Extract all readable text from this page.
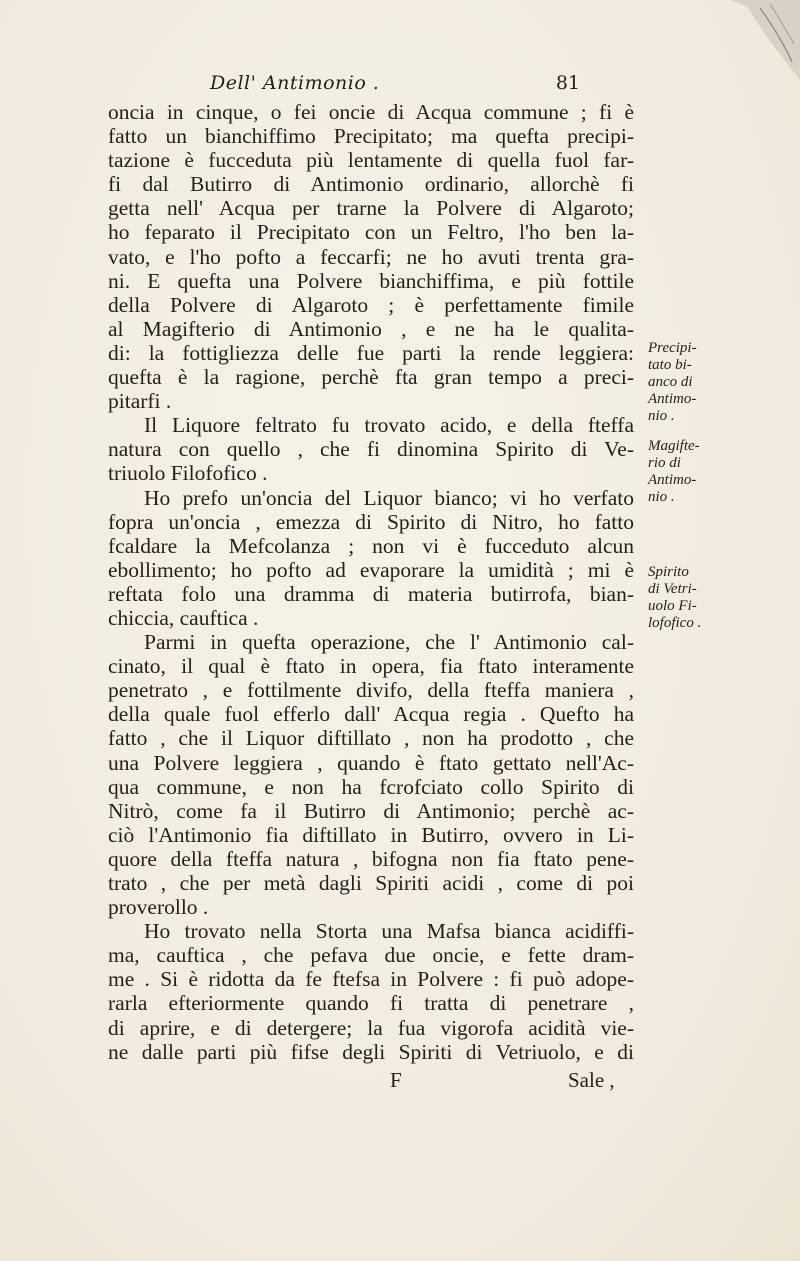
Dell' Antimonio .	81
oncia in cinque, o fei oncie di Acqua commune ; fi è
fatto un bianchiffimo Precipitato; ma quefta precipi-
tazione è fucceduta più lentamente di quella fuol far-
fi dal Butirro di Antimonio ordinario, allorchè fi
getta nell' Acqua per trarne la Polvere di Algaroto;
ho feparato il Precipitato con un Feltro, l'ho ben la-
vato, e l'ho pofto a feccarfi; ne ho avuti trenta gra-
ni. E quefta una Polvere bianchiffima, e più fottile
della Polvere di Algaroto ; è perfettamente fimile
al Magifterio di Antimonio , e ne ha le qualita-
di: la fottigliezza delle fue parti la rende leggiera:
quefta è la ragione, perchè fta gran tempo a preci-
pitarfi .
Il Liquore feltrato fu trovato acido, e della fteffa
natura con quello , che fi dinomina Spirito di Ve-
triuolo Filofofico .
Ho prefo un'oncia del Liquor bianco; vi ho verfato
fopra un'oncia , emezza di Spirito di Nitro, ho fatto
fcaldare la Mefcolanza ; non vi è fucceduto alcun
ebollimento; ho pofto ad evaporare la umidità ; mi è
reftata folo una dramma di materia butirrofa, bian-
chiccia, cauftica .
Parmi in quefta operazione, che l' Antimonio cal-
cinato, il qual è ftato in opera, fia ftato interamente
penetrato , e fottilmente divifo, della fteffa maniera ,
della quale fuol efferlo dall' Acqua regia . Quefto ha
fatto , che il Liquor diftillato , non ha prodotto , che
una Polvere leggiera , quando è ftato gettato nell'Ac-
qua commune, e non ha fcrofciato collo Spirito di
Nitrò, come fa il Butirro di Antimonio; perchè ac-
ciò l'Antimonio fia diftillato in Butirro, ovvero in Li-
quore della fteffa natura , bifogna non fia ftato pene-
trato , che per metà dagli Spiriti acidi , come di poi
proverollo .
Ho trovato nella Storta una Mafsa bianca acidiffi-
ma, cauftica , che pefava due oncie, e fette dram-
me . Si è ridotta da fe ftefsa in Polvere : fi può adope-
rarla efteriormente quando fi tratta di penetrare ,
di aprire, e di detergere; la fua vigorofa acidità vie-
ne dalle parti più fifse degli Spiriti di Vetriuolo, e di
Precipi-
tato bi-
anco di
Antimo-
nio .
Magifte-
rio di
Antimo-
nio .
Spirito
di Vetri-
uolo Fi-
lofofico .
F	Sale ,
